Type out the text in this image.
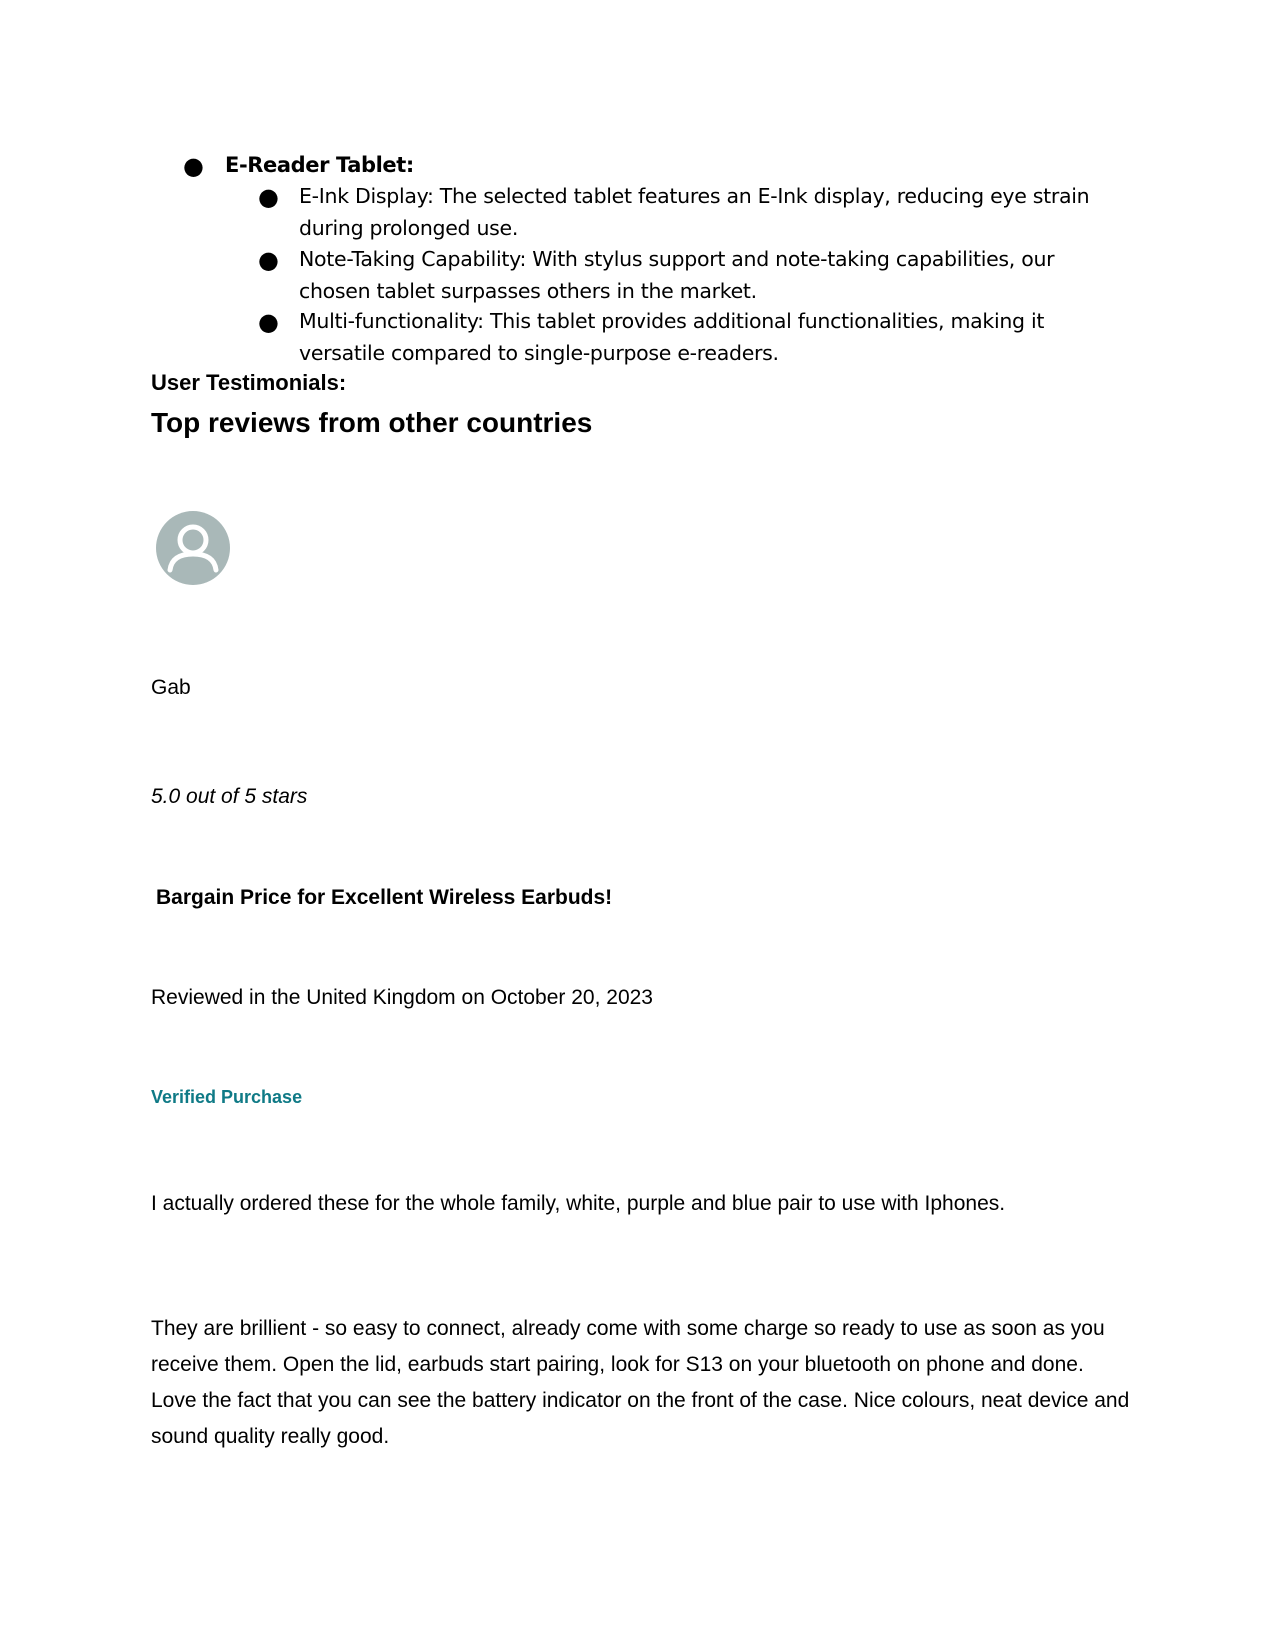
● E-Reader Tablet:
● E-Ink Display: The selected tablet features an E-Ink display, reducing eye strain during prolonged use.
● Note-Taking Capability: With stylus support and note-taking capabilities, our chosen tablet surpasses others in the market.
● Multi-functionality: This tablet provides additional functionalities, making it versatile compared to single-purpose e-readers.
User Testimonials:
Top reviews from other countries
Gab
5.0 out of 5 stars
Bargain Price for Excellent Wireless Earbuds!
Reviewed in the United Kingdom on October 20, 2023
Verified Purchase
I actually ordered these for the whole family, white, purple and blue pair to use with Iphones.
They are brillient - so easy to connect, already come with some charge so ready to use as soon as you receive them. Open the lid, earbuds start pairing, look for S13 on your bluetooth on phone and done. Love the fact that you can see the battery indicator on the front of the case. Nice colours, neat device and sound quality really good.
